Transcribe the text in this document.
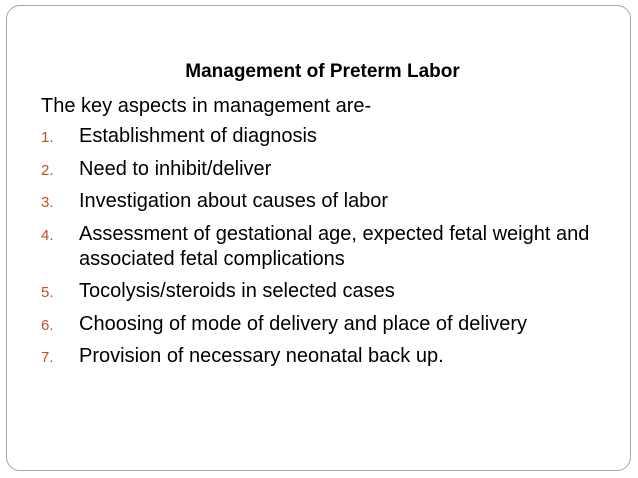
Management of Preterm Labor
The key aspects in management are-
1. Establishment of diagnosis
2. Need to inhibit/deliver
3. Investigation about causes of labor
4. Assessment of gestational age, expected fetal weight and associated fetal complications
5. Tocolysis/steroids in selected cases
6. Choosing of mode of delivery and place of delivery
7. Provision of necessary neonatal back up.
